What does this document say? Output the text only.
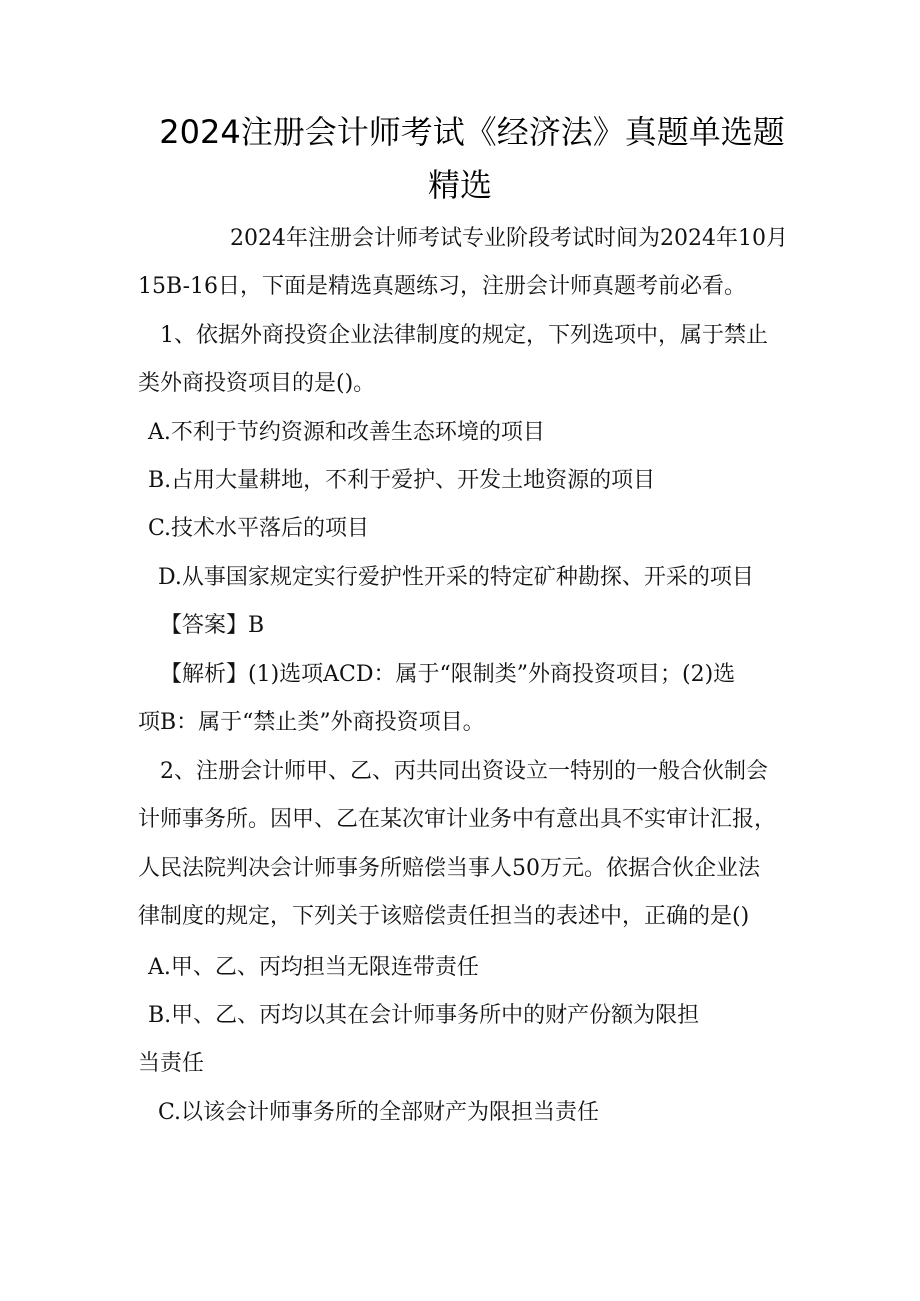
2024注册会计师考试《经济法》真题单选题
精选
2024年注册会计师考试专业阶段考试时间为2024年10月
15B-16日，下面是精选真题练习，注册会计师真题考前必看。
1、依据外商投资企业法律制度的规定，下列选项中，属于禁止
类外商投资项目的是()。
A.不利于节约资源和改善生态环境的项目
B.占用大量耕地，不利于爱护、开发土地资源的项目
C.技术水平落后的项目
D.从事国家规定实行爱护性开采的特定矿种勘探、开采的项目
【答案】B
【解析】(1)选项ACD：属于“限制类”外商投资项目；(2)选
项B：属于“禁止类”外商投资项目。
2、注册会计师甲、乙、丙共同出资设立一特别的一般合伙制会
计师事务所。因甲、乙在某次审计业务中有意出具不实审计汇报，
人民法院判决会计师事务所赔偿当事人50万元。依据合伙企业法
律制度的规定，下列关于该赔偿责任担当的表述中，正确的是()
A.甲、乙、丙均担当无限连带责任
B.甲、乙、丙均以其在会计师事务所中的财产份额为限担
当责任
C.以该会计师事务所的全部财产为限担当责任
